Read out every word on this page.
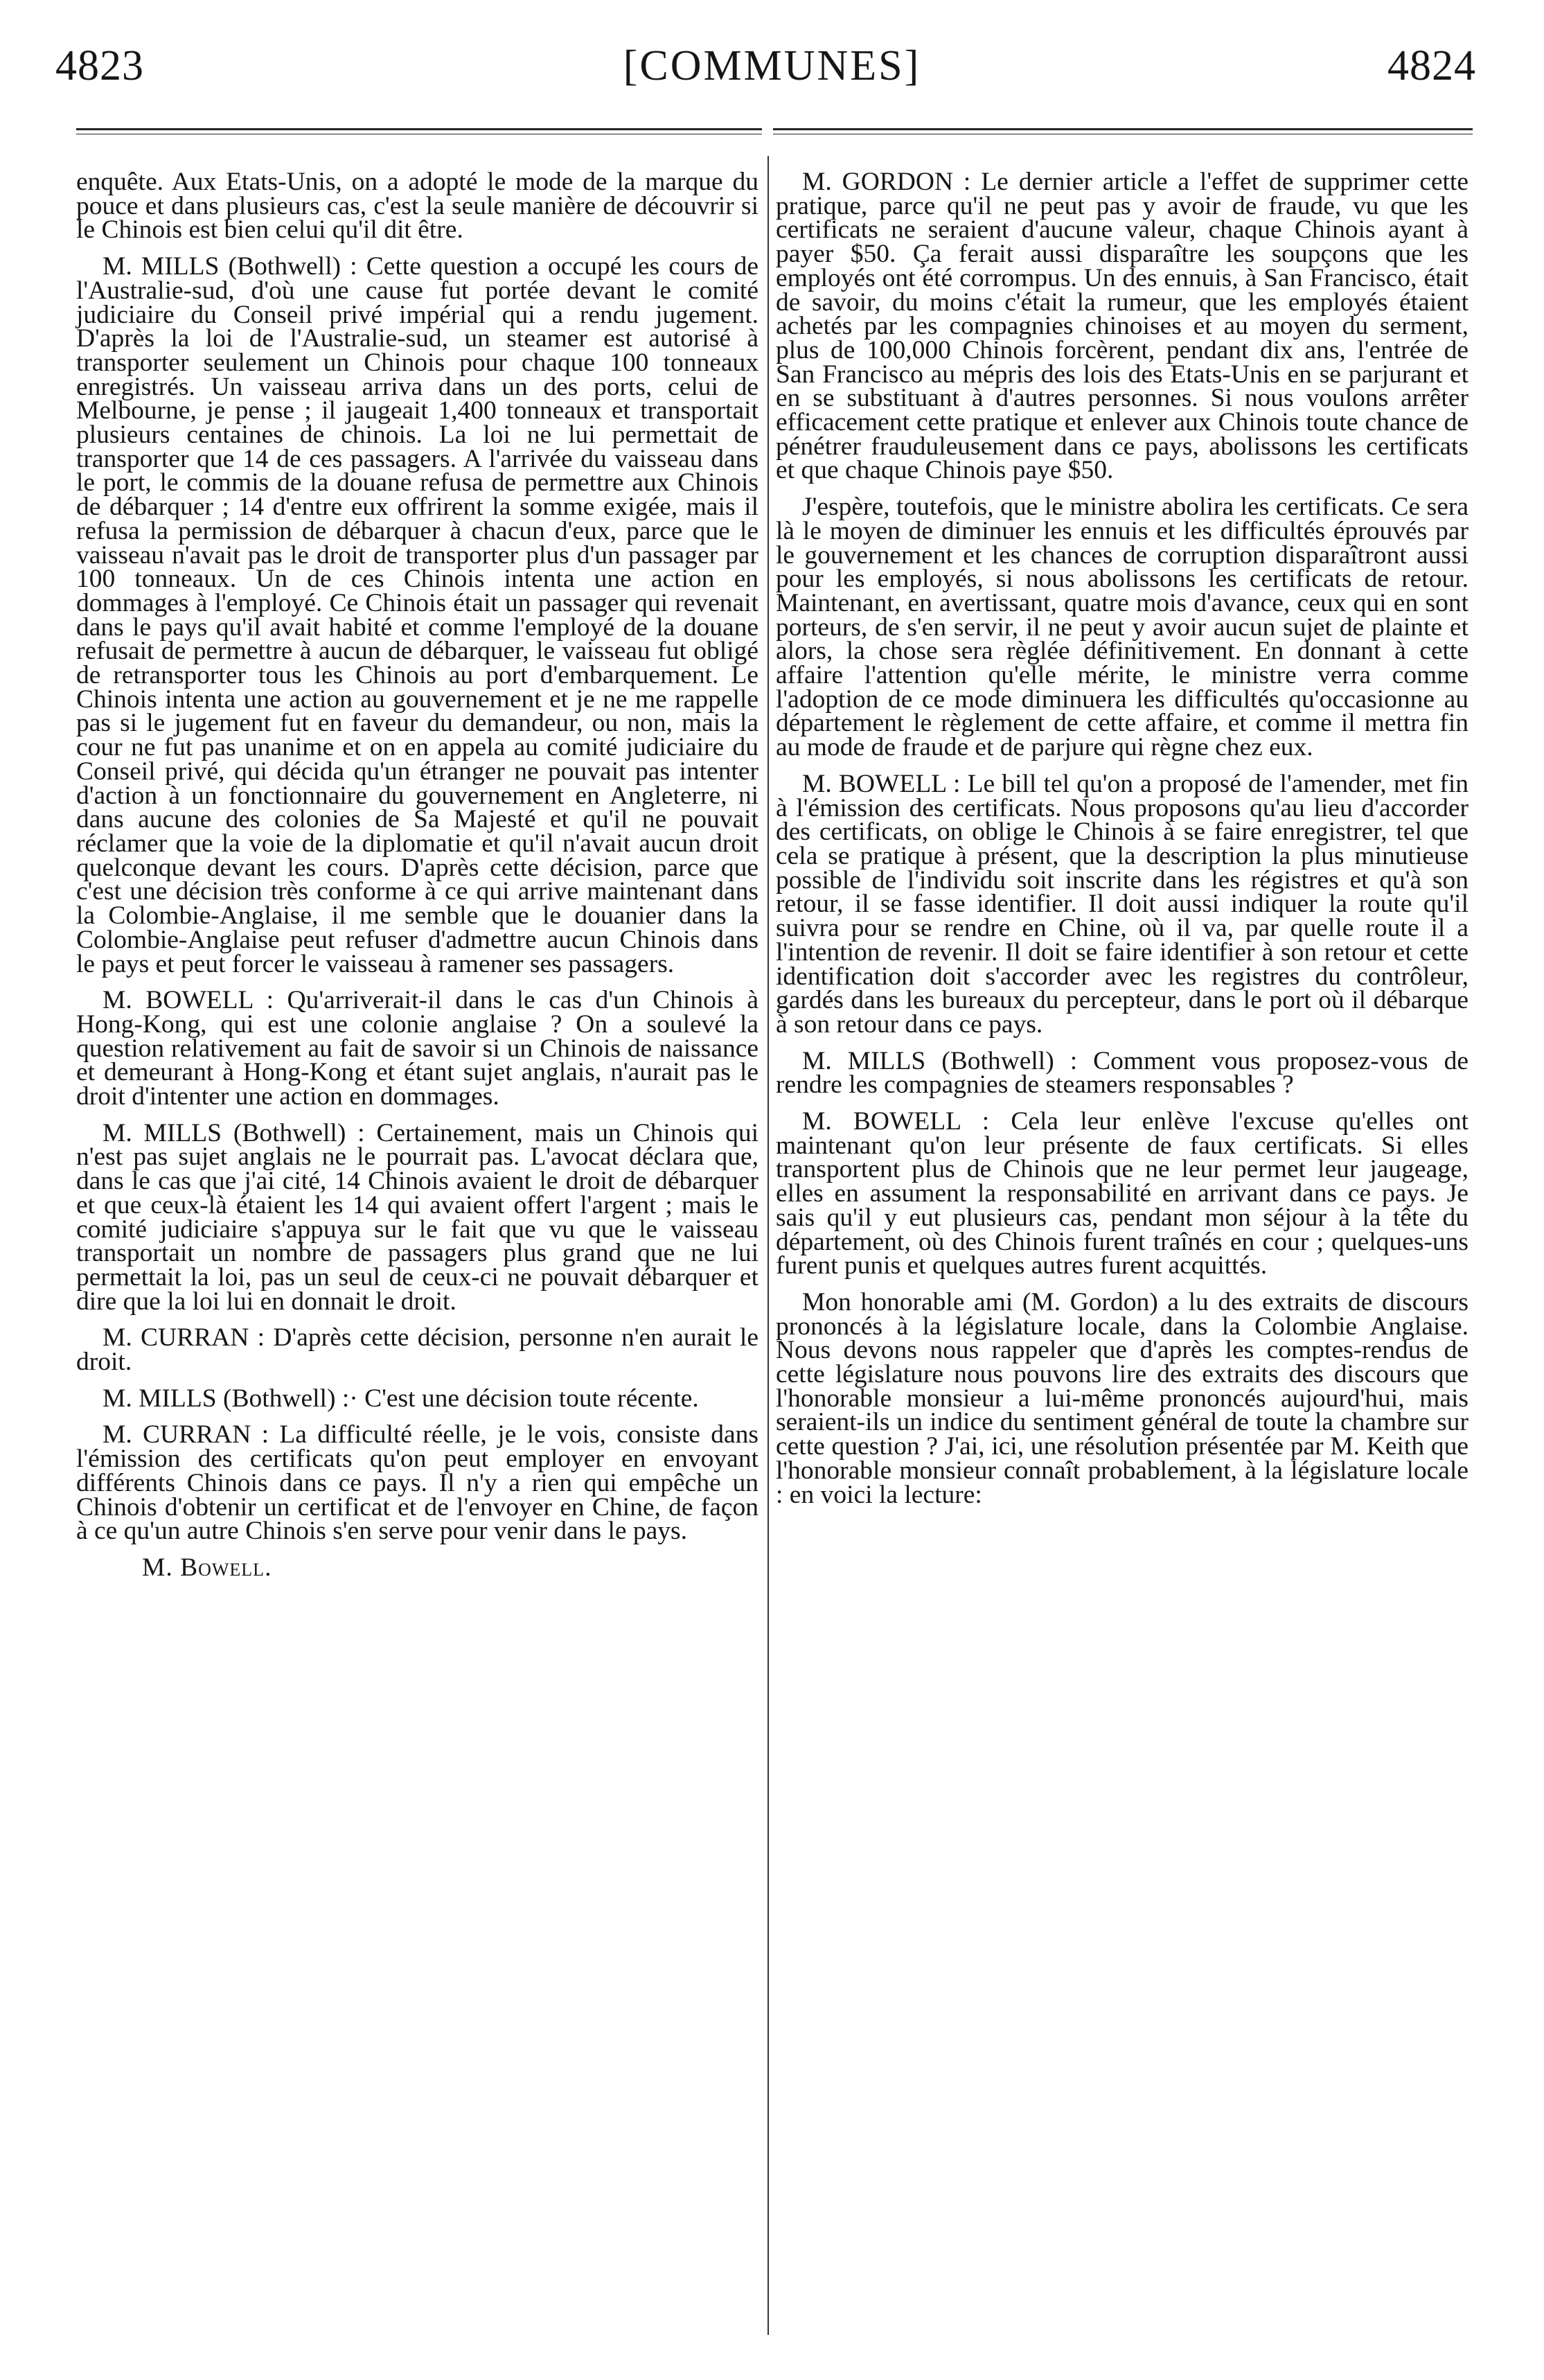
4823	[COMMUNES]	4824

enquête. Aux Etats-Unis, on a adopté le mode de la marque du pouce et dans plusieurs cas, c'est la seule manière de découvrir si le Chinois est bien celui qu'il dit être.

M. MILLS (Bothwell) : Cette question a occupé les cours de l'Australie-sud, d'où une cause fut portée devant le comité judiciaire du Conseil privé impérial qui a rendu jugement. D'après la loi de l'Australie-sud, un steamer est autorisé à transporter seulement un Chinois pour chaque 100 tonneaux enregistrés. Un vaisseau arriva dans un des ports, celui de Melbourne, je pense ; il jaugeait 1,400 tonneaux et transportait plusieurs centaines de chinois. La loi ne lui permettait de transporter que 14 de ces passagers. A l'arrivée du vaisseau dans le port, le commis de la douane refusa de permettre aux Chinois de débarquer ; 14 d'entre eux offrirent la somme exigée, mais il refusa la permission de débarquer à chacun d'eux, parce que le vaisseau n'avait pas le droit de transporter plus d'un passager par 100 tonneaux. Un de ces Chinois intenta une action en dommages à l'employé. Ce Chinois était un passager qui revenait dans le pays qu'il avait habité et comme l'employé de la douane refusait de permettre à aucun de débarquer, le vaisseau fut obligé de retransporter tous les Chinois au port d'embarquement. Le Chinois intenta une action au gouvernement et je ne me rappelle pas si le jugement fut en faveur du demandeur, ou non, mais la cour ne fut pas unanime et on en appela au comité judiciaire du Conseil privé, qui décida qu'un étranger ne pouvait pas intenter d'action à un fonctionnaire du gouvernement en Angleterre, ni dans aucune des colonies de Sa Majesté et qu'il ne pouvait réclamer que la voie de la diplomatie et qu'il n'avait aucun droit quelconque devant les cours. D'après cette décision, parce que c'est une décision très conforme à ce qui arrive maintenant dans la Colombie-Anglaise, il me semble que le douanier dans la Colombie-Anglaise peut refuser d'admettre aucun Chinois dans le pays et peut forcer le vaisseau à ramener ses passagers.

M. BOWELL : Qu'arriverait-il dans le cas d'un Chinois à Hong-Kong, qui est une colonie anglaise ? On a soulevé la question relativement au fait de savoir si un Chinois de naissance et demeurant à Hong-Kong et étant sujet anglais, n'aurait pas le droit d'intenter une action en dommages.

M. MILLS (Bothwell) : Certainement, mais un Chinois qui n'est pas sujet anglais ne le pourrait pas. L'avocat déclara que, dans le cas que j'ai cité, 14 Chinois avaient le droit de débarquer et que ceux-là étaient les 14 qui avaient offert l'argent ; mais le comité judiciaire s'appuya sur le fait que vu que le vaisseau transportait un nombre de passagers plus grand que ne lui permettait la loi, pas un seul de ceux-ci ne pouvait débarquer et dire que la loi lui en donnait le droit.

M. CURRAN : D'après cette décision, personne n'en aurait le droit.

M. MILLS (Bothwell) :· C'est une décision toute récente.

M. CURRAN : La difficulté réelle, je le vois, consiste dans l'émission des certificats qu'on peut employer en envoyant différents Chinois dans ce pays. Il n'y a rien qui empêche un Chinois d'obtenir un certificat et de l'envoyer en Chine, de façon à ce qu'un autre Chinois s'en serve pour venir dans le pays.

M. Bowell.

M. GORDON : Le dernier article a l'effet de supprimer cette pratique, parce qu'il ne peut pas y avoir de fraude, vu que les certificats ne seraient d'aucune valeur, chaque Chinois ayant à payer $50. Ça ferait aussi disparaître les soupçons que les employés ont été corrompus. Un des ennuis, à San Francisco, était de savoir, du moins c'était la rumeur, que les employés étaient achetés par les compagnies chinoises et au moyen du serment, plus de 100,000 Chinois forcèrent, pendant dix ans, l'entrée de San Francisco au mépris des lois des Etats-Unis en se parjurant et en se substituant à d'autres personnes. Si nous voulons arrêter efficacement cette pratique et enlever aux Chinois toute chance de pénétrer frauduleusement dans ce pays, abolissons les certificats et que chaque Chinois paye $50.

J'espère, toutefois, que le ministre abolira les certificats. Ce sera là le moyen de diminuer les ennuis et les difficultés éprouvés par le gouvernement et les chances de corruption disparaîtront aussi pour les employés, si nous abolissons les certificats de retour. Maintenant, en avertissant, quatre mois d'avance, ceux qui en sont porteurs, de s'en servir, il ne peut y avoir aucun sujet de plainte et alors, la chose sera règlée définitivement. En donnant à cette affaire l'attention qu'elle mérite, le ministre verra comme l'adoption de ce mode diminuera les difficultés qu'occasionne au département le règlement de cette affaire, et comme il mettra fin au mode de fraude et de parjure qui règne chez eux.

M. BOWELL : Le bill tel qu'on a proposé de l'amender, met fin à l'émission des certificats. Nous proposons qu'au lieu d'accorder des certificats, on oblige le Chinois à se faire enregistrer, tel que cela se pratique à présent, que la description la plus minutieuse possible de l'individu soit inscrite dans les régistres et qu'à son retour, il se fasse identifier. Il doit aussi indiquer la route qu'il suivra pour se rendre en Chine, où il va, par quelle route il a l'intention de revenir. Il doit se faire identifier à son retour et cette identification doit s'accorder avec les registres du contrôleur, gardés dans les bureaux du percepteur, dans le port où il débarque à son retour dans ce pays.

M. MILLS (Bothwell) : Comment vous proposez-vous de rendre les compagnies de steamers responsables ?

M. BOWELL : Cela leur enlève l'excuse qu'elles ont maintenant qu'on leur présente de faux certificats. Si elles transportent plus de Chinois que ne leur permet leur jaugeage, elles en assument la responsabilité en arrivant dans ce pays. Je sais qu'il y eut plusieurs cas, pendant mon séjour à la tête du département, où des Chinois furent traînés en cour ; quelques-uns furent punis et quelques autres furent acquittés.

Mon honorable ami (M. Gordon) a lu des extraits de discours prononcés à la législature locale, dans la Colombie Anglaise. Nous devons nous rappeler que d'après les comptes-rendus de cette législature nous pouvons lire des extraits des discours que l'honorable monsieur a lui-même prononcés aujourd'hui, mais seraient-ils un indice du sentiment général de toute la chambre sur cette question ? J'ai, ici, une résolution présentée par M. Keith que l'honorable monsieur connaît probablement, à la législature locale : en voici la lecture:
